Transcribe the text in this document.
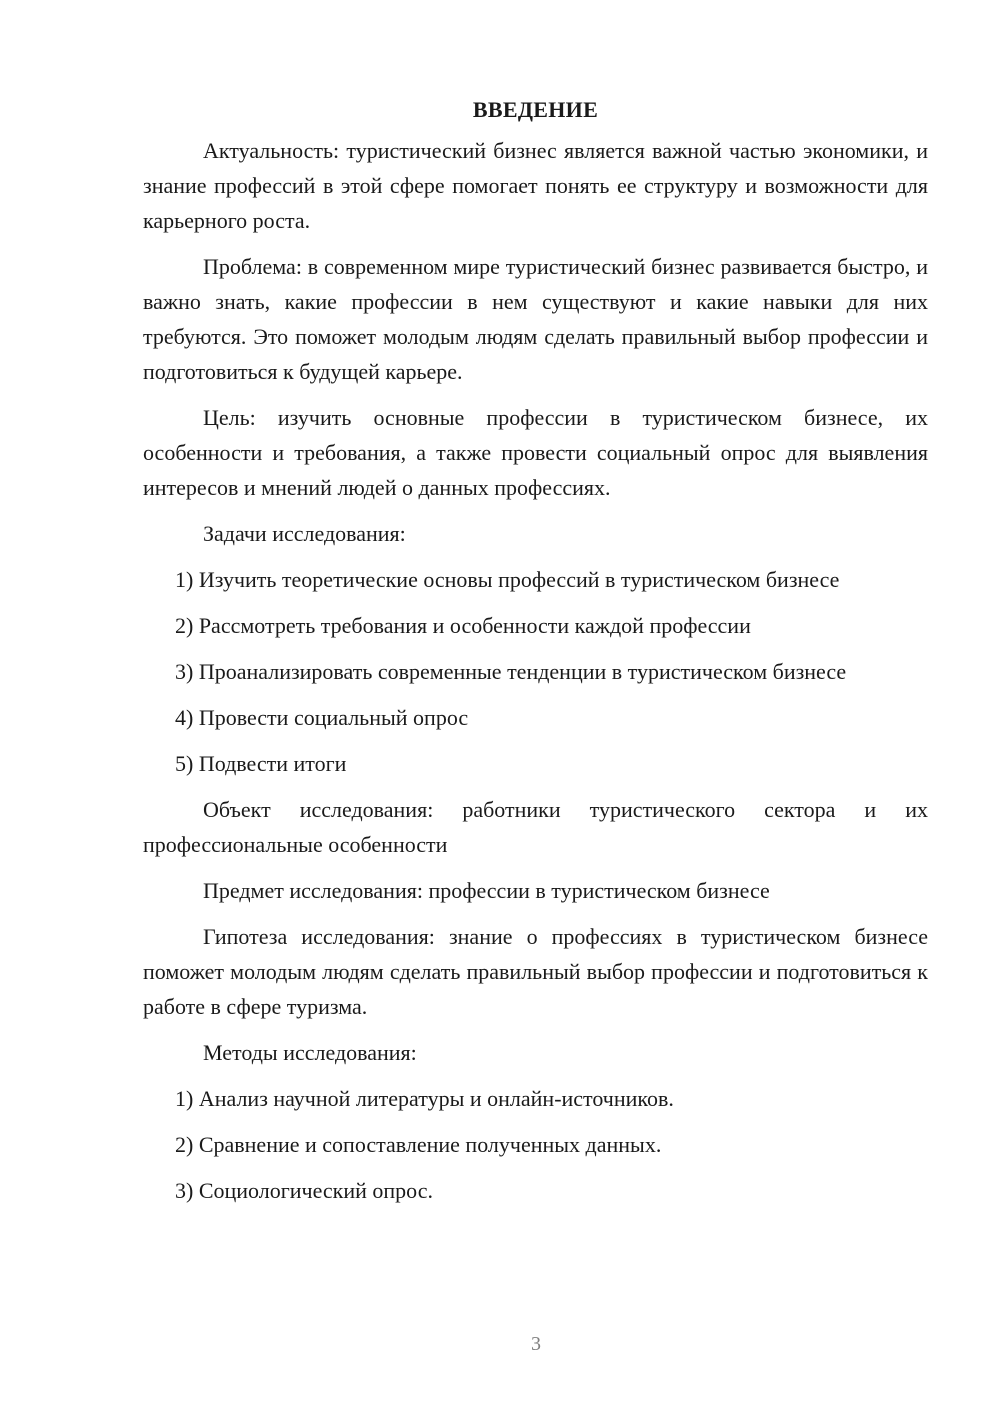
ВВЕДЕНИЕ

Актуальность: туристический бизнес является важной частью экономики, и знание профессий в этой сфере помогает понять ее структуру и возможности для карьерного роста.

Проблема: в современном мире туристический бизнес развивается быстро, и важно знать, какие профессии в нем существуют и какие навыки для них требуются. Это поможет молодым людям сделать правильный выбор профессии и подготовиться к будущей карьере.

Цель: изучить основные профессии в туристическом бизнесе, их особенности и требования, а также провести социальный опрос для выявления интересов и мнений людей о данных профессиях.

Задачи исследования:

1) Изучить теоретические основы профессий в туристическом бизнесе

2) Рассмотреть требования и особенности каждой профессии

3) Проанализировать современные тенденции в туристическом бизнесе

4) Провести социальный опрос

5) Подвести итоги

Объект исследования: работники туристического сектора и их профессиональные особенности

Предмет исследования: профессии в туристическом бизнесе

Гипотеза исследования: знание о профессиях в туристическом бизнесе поможет молодым людям сделать правильный выбор профессии и подготовиться к работе в сфере туризма.

Методы исследования:

1) Анализ научной литературы и онлайн-источников.

2) Сравнение и сопоставление полученных данных.

3) Социологический опрос.

3
